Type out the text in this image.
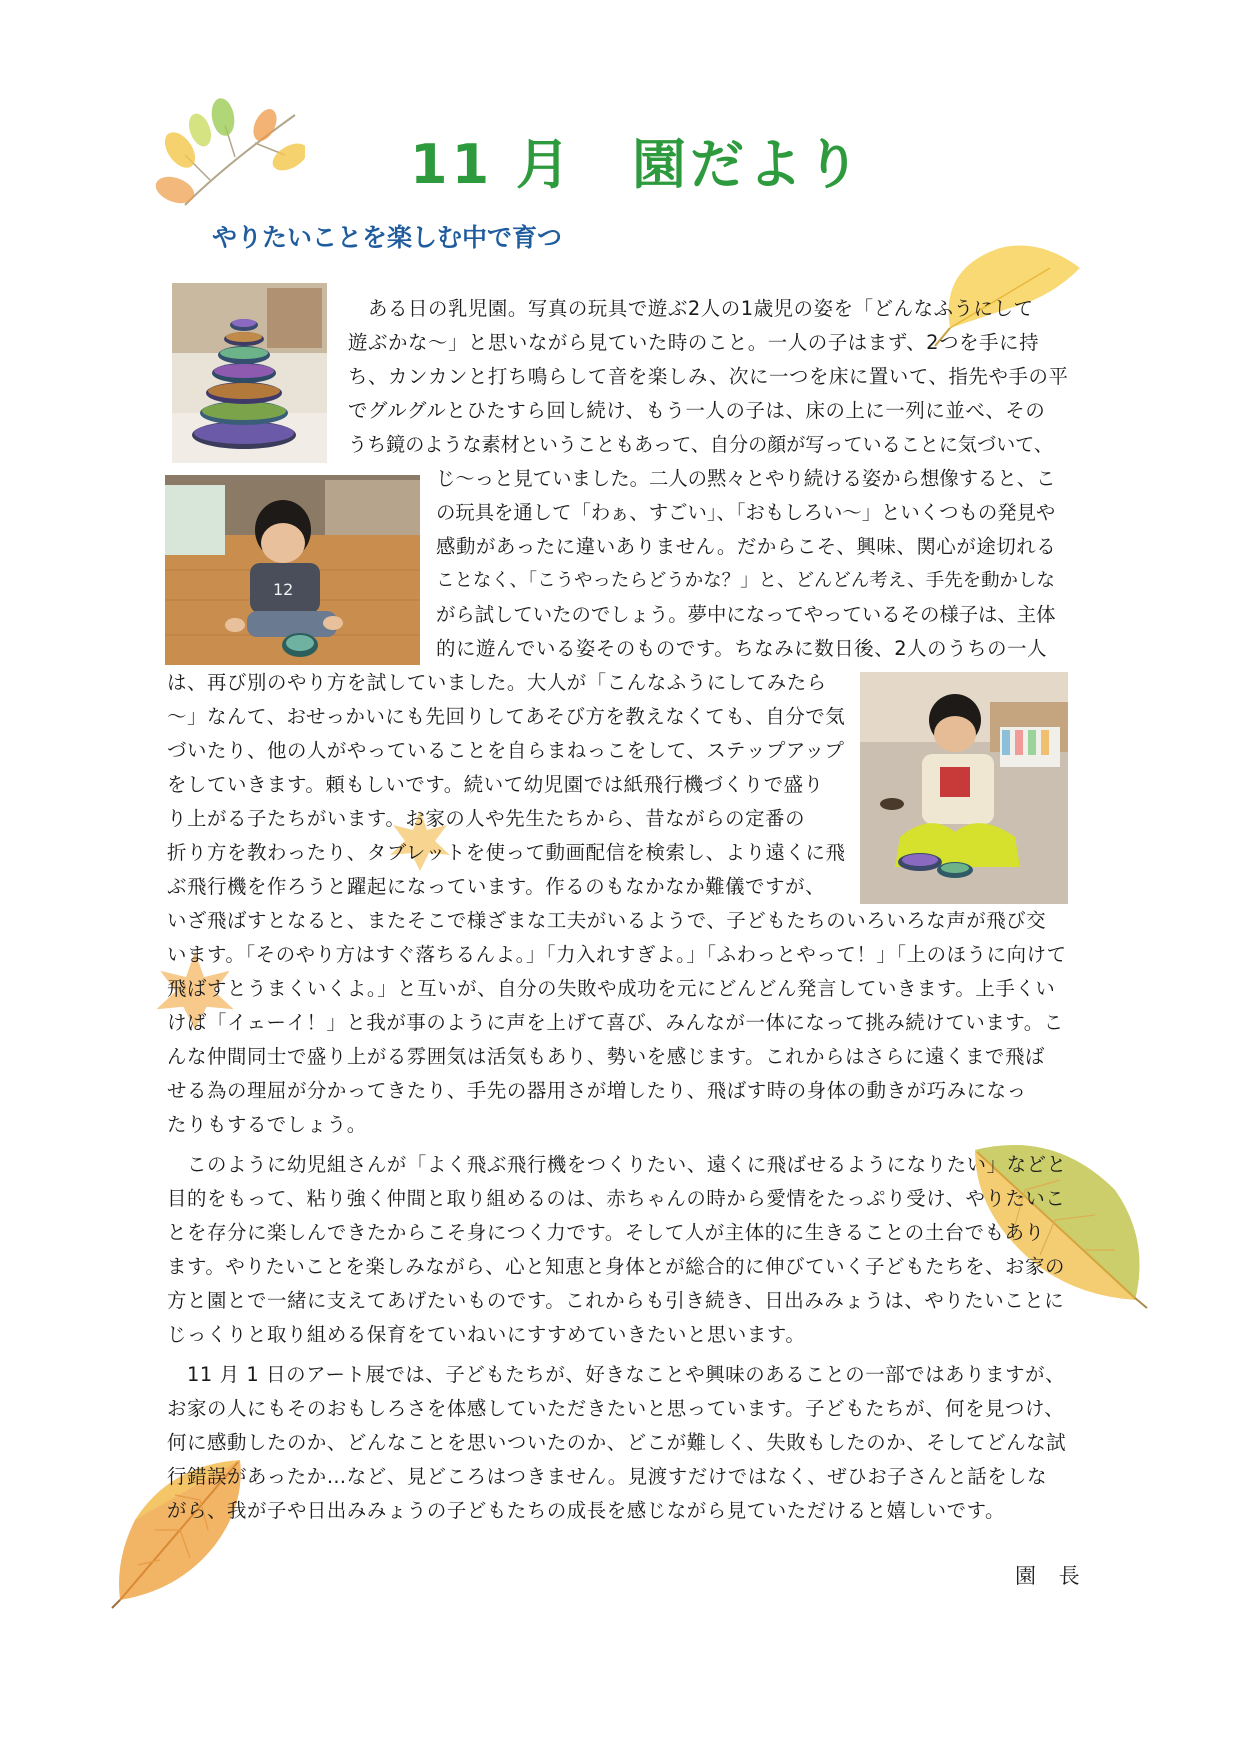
11 月　園だより
やりたいことを楽しむ中で育つ
12
　ある日の乳児園。写真の玩具で遊ぶ2人の1歳児の姿を「どんなふうにして
遊ぶかな～」と思いながら見ていた時のこと。一人の子はまず、2つを手に持
ち、カンカンと打ち鳴らして音を楽しみ、次に一つを床に置いて、指先や手の平
でグルグルとひたすら回し続け、もう一人の子は、床の上に一列に並べ、その
うち鏡のような素材ということもあって、自分の顔が写っていることに気づいて、
じ～っと見ていました。二人の黙々とやり続ける姿から想像すると、こ
の玩具を通して「わぁ、すごい」、「おもしろい～」といくつもの発見や
感動があったに違いありません。だからこそ、興味、関心が途切れる
ことなく、「こうやったらどうかな？」と、どんどん考え、手先を動かしな
がら試していたのでしょう。夢中になってやっているその様子は、主体
的に遊んでいる姿そのものです。ちなみに数日後、2人のうちの一人
は、再び別のやり方を試していました。大人が「こんなふうにしてみたら
～」なんて、おせっかいにも先回りしてあそび方を教えなくても、自分で気
づいたり、他の人がやっていることを自らまねっこをして、ステップアップ
をしていきます。頼もしいです。続いて幼児園では紙飛行機づくりで盛り
り上がる子たちがいます。お家の人や先生たちから、昔ながらの定番の
折り方を教わったり、タブレットを使って動画配信を検索し、より遠くに飛
ぶ飛行機を作ろうと躍起になっています。作るのもなかなか難儀ですが、
いざ飛ばすとなると、またそこで様ざまな工夫がいるようで、子どもたちのいろいろな声が飛び交
います。「そのやり方はすぐ落ちるんよ。」「力入れすぎよ。」「ふわっとやって！」「上のほうに向けて
飛ばすとうまくいくよ。」と互いが、自分の失敗や成功を元にどんどん発言していきます。上手くい
けば「イェーイ！」と我が事のように声を上げて喜び、みんなが一体になって挑み続けています。こ
んな仲間同士で盛り上がる雰囲気は活気もあり、勢いを感じます。これからはさらに遠くまで飛ば
せる為の理屈が分かってきたり、手先の器用さが増したり、飛ばす時の身体の動きが巧みになっ
たりもするでしょう。
　このように幼児組さんが「よく飛ぶ飛行機をつくりたい、遠くに飛ばせるようになりたい」などと
目的をもって、粘り強く仲間と取り組めるのは、赤ちゃんの時から愛情をたっぷり受け、やりたいこ
とを存分に楽しんできたからこそ身につく力です。そして人が主体的に生きることの土台でもあり
ます。やりたいことを楽しみながら、心と知恵と身体とが総合的に伸びていく子どもたちを、お家の
方と園とで一緒に支えてあげたいものです。これからも引き続き、日出みみょうは、やりたいことに
じっくりと取り組める保育をていねいにすすめていきたいと思います。
　11 月 1 日のアート展では、子どもたちが、好きなことや興味のあることの一部ではありますが、
お家の人にもそのおもしろさを体感していただきたいと思っています。子どもたちが、何を見つけ、
何に感動したのか、どんなことを思いついたのか、どこが難しく、失敗もしたのか、そしてどんな試
行錯誤があったか…など、見どころはつきません。見渡すだけではなく、ぜひお子さんと話をしな
がら、我が子や日出みみょうの子どもたちの成長を感じながら見ていただけると嬉しいです。
園 長
